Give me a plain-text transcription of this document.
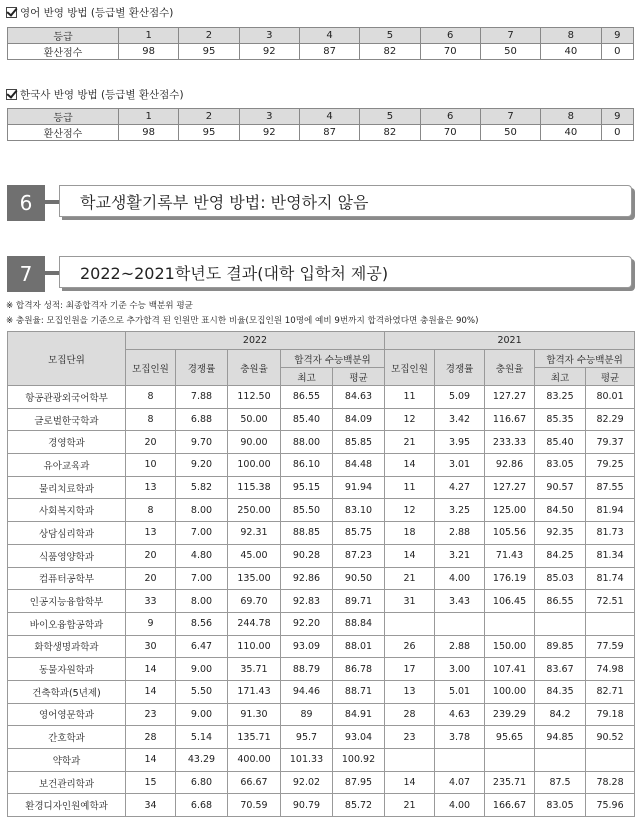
영어 반영 방법 (등급별 환산점수)
등급	1	2	3	4	5	6	7	8	9
환산점수	98	95	92	87	82	70	50	40	0
한국사 반영 방법 (등급별 환산점수)
등급	1	2	3	4	5	6	7	8	9
환산점수	98	95	92	87	82	70	50	40	0
6	학교생활기록부 반영 방법: 반영하지 않음
7	2022~2021학년도 결과(대학 입학처 제공)
※ 합격자 성적: 최종합격자 기준 수능 백분위 평균
※ 충원율: 모집인원을 기준으로 추가합격 된 인원만 표시한 비율(모집인원 10명에 예비 9번까지 합격하였다면 충원율은 90%)
모집단위	2022					2021				
	모집인원	경쟁률	충원율	합격자 수능백분위		모집인원	경쟁률	충원율	합격자 수능백분위	
				최고	평균				최고	평균
항공관광외국어학부	8	7.88	112.50	86.55	84.63	11	5.09	127.27	83.25	80.01
글로벌한국학과	8	6.88	50.00	85.40	84.09	12	3.42	116.67	85.35	82.29
경영학과	20	9.70	90.00	88.00	85.85	21	3.95	233.33	85.40	79.37
유아교육과	10	9.20	100.00	86.10	84.48	14	3.01	92.86	83.05	79.25
물리치료학과	13	5.82	115.38	95.15	91.94	11	4.27	127.27	90.57	87.55
사회복지학과	8	8.00	250.00	85.50	83.10	12	3.25	125.00	84.50	81.94
상담심리학과	13	7.00	92.31	88.85	85.75	18	2.88	105.56	92.35	81.73
식품영양학과	20	4.80	45.00	90.28	87.23	14	3.21	71.43	84.25	81.34
컴퓨터공학부	20	7.00	135.00	92.86	90.50	21	4.00	176.19	85.03	81.74
인공지능융합학부	33	8.00	69.70	92.83	89.71	31	3.43	106.45	86.55	72.51
바이오융합공학과	9	8.56	244.78	92.20	88.84					
화학생명과학과	30	6.47	110.00	93.09	88.01	26	2.88	150.00	89.85	77.59
동물자원학과	14	9.00	35.71	88.79	86.78	17	3.00	107.41	83.67	74.98
건축학과(5년제)	14	5.50	171.43	94.46	88.71	13	5.01	100.00	84.35	82.71
영어영문학과	23	9.00	91.30	89	84.91	28	4.63	239.29	84.2	79.18
간호학과	28	5.14	135.71	95.7	93.04	23	3.78	95.65	94.85	90.52
약학과	14	43.29	400.00	101.33	100.92					
보건관리학과	15	6.80	66.67	92.02	87.95	14	4.07	235.71	87.5	78.28
환경디자인원예학과	34	6.68	70.59	90.79	85.72	21	4.00	166.67	83.05	75.96
